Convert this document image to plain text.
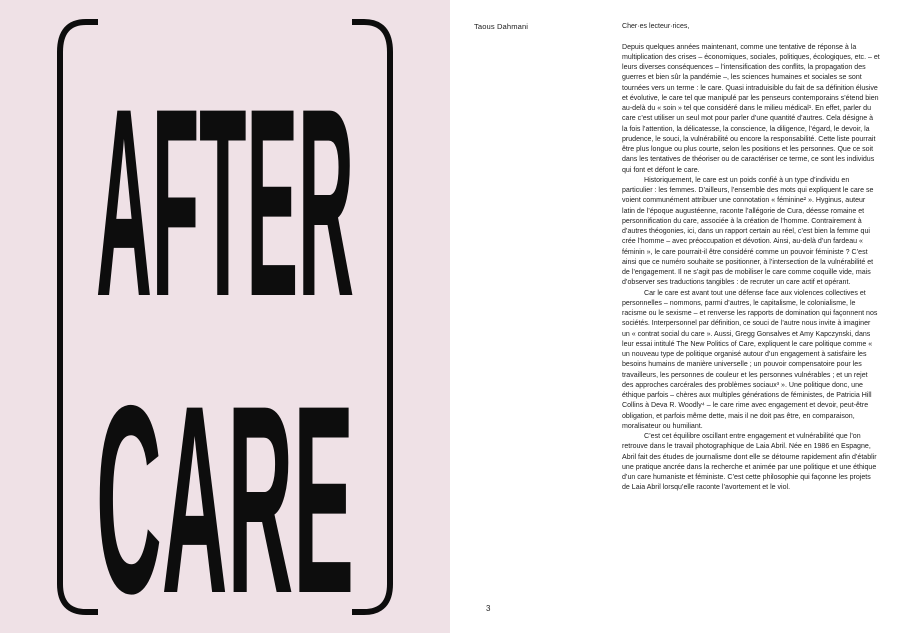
AFTER
CARE
Taous Dahmani	Cher·es lecteur·rices,

Depuis quelques années maintenant, comme une tentative de réponse à la multiplication des crises – économiques, sociales, politiques, écologiques, etc. – et leurs diverses conséquences – l’intensification des conflits, la propagation des guerres et bien sûr la pandémie –, les sciences humaines et sociales se sont tournées vers un terme : le care. Quasi intraduisible du fait de sa définition élusive et évolutive, le care tel que manipulé par les penseurs contemporains s’étend bien au-delà du « soin » tel que considéré dans le milieu médical¹. En effet, parler du care c’est utiliser un seul mot pour parler d’une quantité d’autres. Cela désigne à la fois l’attention, la délicatesse, la conscience, la diligence, l’égard, le devoir, la prudence, le souci, la vulnérabilité ou encore la responsabilité. Cette liste pourrait être plus longue ou plus courte, selon les positions et les personnes. Que ce soit dans les tentatives de théoriser ou de caractériser ce terme, ce sont les individus qui font et défont le care.

Historiquement, le care est un poids confié à un type d’individu en particulier : les femmes. D’ailleurs, l’ensemble des mots qui expliquent le care se voient communément attribuer une connotation « féminine² ». Hyginus, auteur latin de l’époque augustéenne, raconte l’allégorie de Cura, déesse romaine et personnification du care, associée à la création de l’homme. Contrairement à d’autres théogonies, ici, dans un rapport certain au réel, c’est bien la femme qui crée l’homme – avec préoccupation et dévotion. Ainsi, au-delà d’un fardeau « féminin », le care pourrait-il être considéré comme un pouvoir féministe ? C’est ainsi que ce numéro souhaite se positionner, à l’intersection de la vulnérabilité et de l’engagement. Il ne s’agit pas de mobiliser le care comme coquille vide, mais d’observer ses traductions tangibles : de recruter un care actif et opérant.

Car le care est avant tout une défense face aux violences collectives et personnelles – nommons, parmi d’autres, le capitalisme, le colonialisme, le racisme ou le sexisme – et renverse les rapports de domination qui façonnent nos sociétés. Interpersonnel par définition, ce souci de l’autre nous invite à imaginer un « contrat social du care ». Aussi, Gregg Gonsalves et Amy Kapczynski, dans leur essai intitulé The New Politics of Care, expliquent le care politique comme « un nouveau type de politique organisé autour d’un engagement à satisfaire les besoins humains de manière universelle ; un pouvoir compensatoire pour les travailleurs, les personnes de couleur et les personnes vulnérables ; et un rejet des approches carcérales des problèmes sociaux³ ». Une politique donc, une éthique parfois – chères aux multiples générations de féministes, de Patricia Hill Collins à Deva R. Woodly⁴ – le care rime avec engagement et devoir, peut-être obligation, et parfois même dette, mais il ne doit pas être, en comparaison, moralisateur ou humiliant.

C’est cet équilibre oscillant entre engagement et vulnérabilité que l’on retrouve dans le travail photographique de Laia Abril. Née en 1986 en Espagne, Abril fait des études de journalisme dont elle se détourne rapidement afin d’établir une pratique ancrée dans la recherche et animée par une politique et une éthique d’un care humaniste et féministe. C’est cette philosophie qui façonne les projets de Laia Abril lorsqu’elle raconte l’avortement et le viol.

3
